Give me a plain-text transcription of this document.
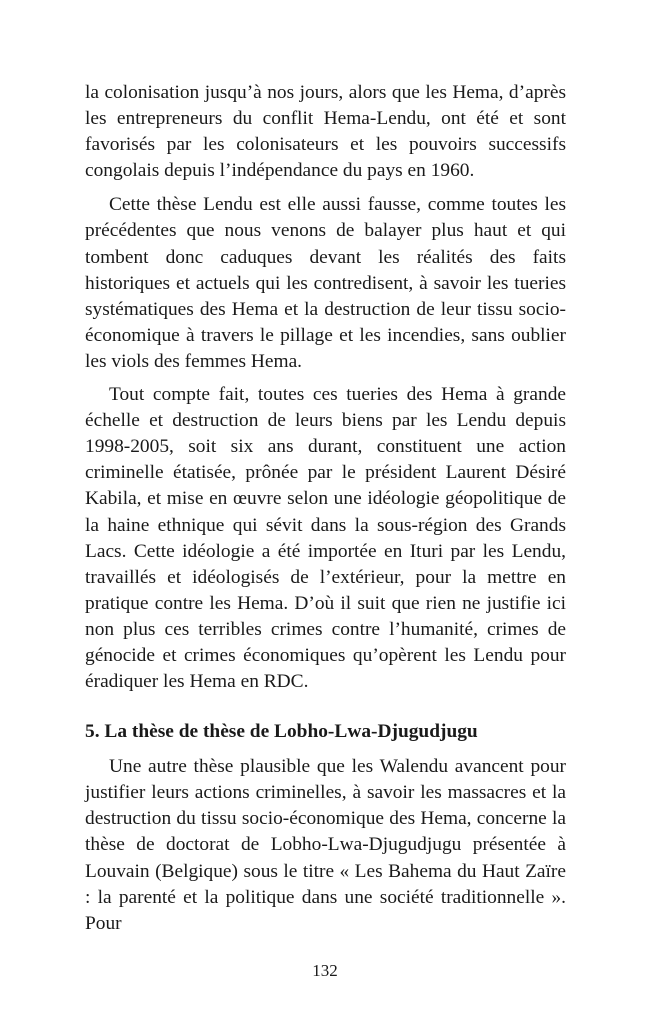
la colonisation jusqu’à nos jours, alors que les Hema, d’après les entrepreneurs du conflit Hema-Lendu, ont été et sont favorisés par les colonisateurs et les pouvoirs successifs congolais depuis l’indépendance du pays en 1960.

Cette thèse Lendu est elle aussi fausse, comme toutes les précédentes que nous venons de balayer plus haut et qui tombent donc caduques devant les réalités des faits historiques et actuels qui les contredisent, à savoir les tueries systématiques des Hema et la destruction de leur tissu socio-économique à travers le pillage et les incendies, sans oublier les viols des femmes Hema.

Tout compte fait, toutes ces tueries des Hema à grande échelle et destruction de leurs biens par les Lendu depuis 1998-2005, soit six ans durant, constituent une action criminelle étatisée, prônée par le président Laurent Désiré Kabila, et mise en œuvre selon une idéologie géopolitique de la haine ethnique qui sévit dans la sous-région des Grands Lacs. Cette idéologie a été importée en Ituri par les Lendu, travaillés et idéologisés de l’extérieur, pour la mettre en pratique contre les Hema. D’où il suit que rien ne justifie ici non plus ces terribles crimes contre l’humanité, crimes de génocide et crimes économiques qu’opèrent les Lendu pour éradiquer les Hema en RDC.

5. La thèse de thèse de Lobho-Lwa-Djugudjugu

Une autre thèse plausible que les Walendu avancent pour justifier leurs actions criminelles, à savoir les massacres et la destruction du tissu socio-économique des Hema, concerne la thèse de doctorat de Lobho-Lwa-Djugudjugu présentée à Louvain (Belgique) sous le titre « Les Bahema du Haut Zaïre : la parenté et la politique dans une société traditionnelle ». Pour

132
